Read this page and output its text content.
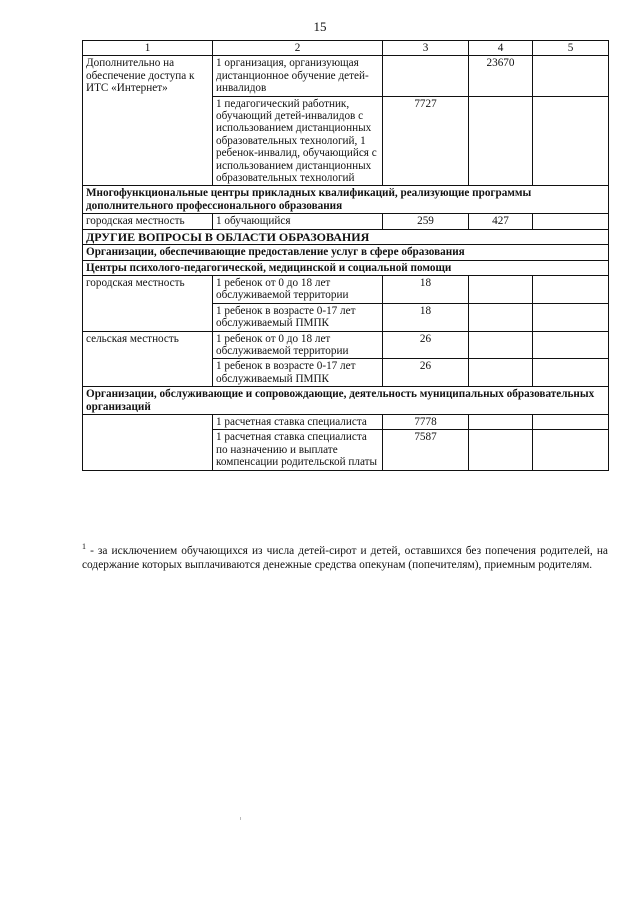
15
1	2	3	4	5
Дополнительно на обеспечение доступа к ИТС «Интернет»	1 организация, организующая дистанционное обучение детей-инвалидов		23670	
	1 педагогический работник, обучающий детей-инвалидов с использованием дистанционных образовательных технологий, 1 ребенок-инвалид, обучающийся с использованием дистанционных образовательных технологий	7727		
Многофункциональные центры прикладных квалификаций, реализующие программы дополнительного профессионального образования				
городская местность	1 обучающийся	259	427	
ДРУГИЕ ВОПРОСЫ В ОБЛАСТИ ОБРАЗОВАНИЯ				
Организации, обеспечивающие предоставление услуг в сфере образования				
Центры психолого-педагогической, медицинской и социальной помощи				
городская местность	1 ребенок от 0 до 18 лет обслуживаемой территории	18		
	1 ребенок в возрасте 0-17 лет обслуживаемый ПМПК	18		
сельская местность	1 ребенок от 0 до 18 лет обслуживаемой территории	26		
	1 ребенок в возрасте 0-17 лет обслуживаемый ПМПК	26		
Организации, обслуживающие и сопровождающие, деятельность муниципальных образовательных организаций				
	1 расчетная ставка специалиста	7778		
	1 расчетная ставка специалиста по назначению и выплате компенсации родительской платы	7587		
$^1$ - за исключением обучающихся из числа детей-сирот и детей, оставшихся без попечения родителей, на содержание которых выплачиваются денежные средства опекунам (попечителям), приемным родителям.
